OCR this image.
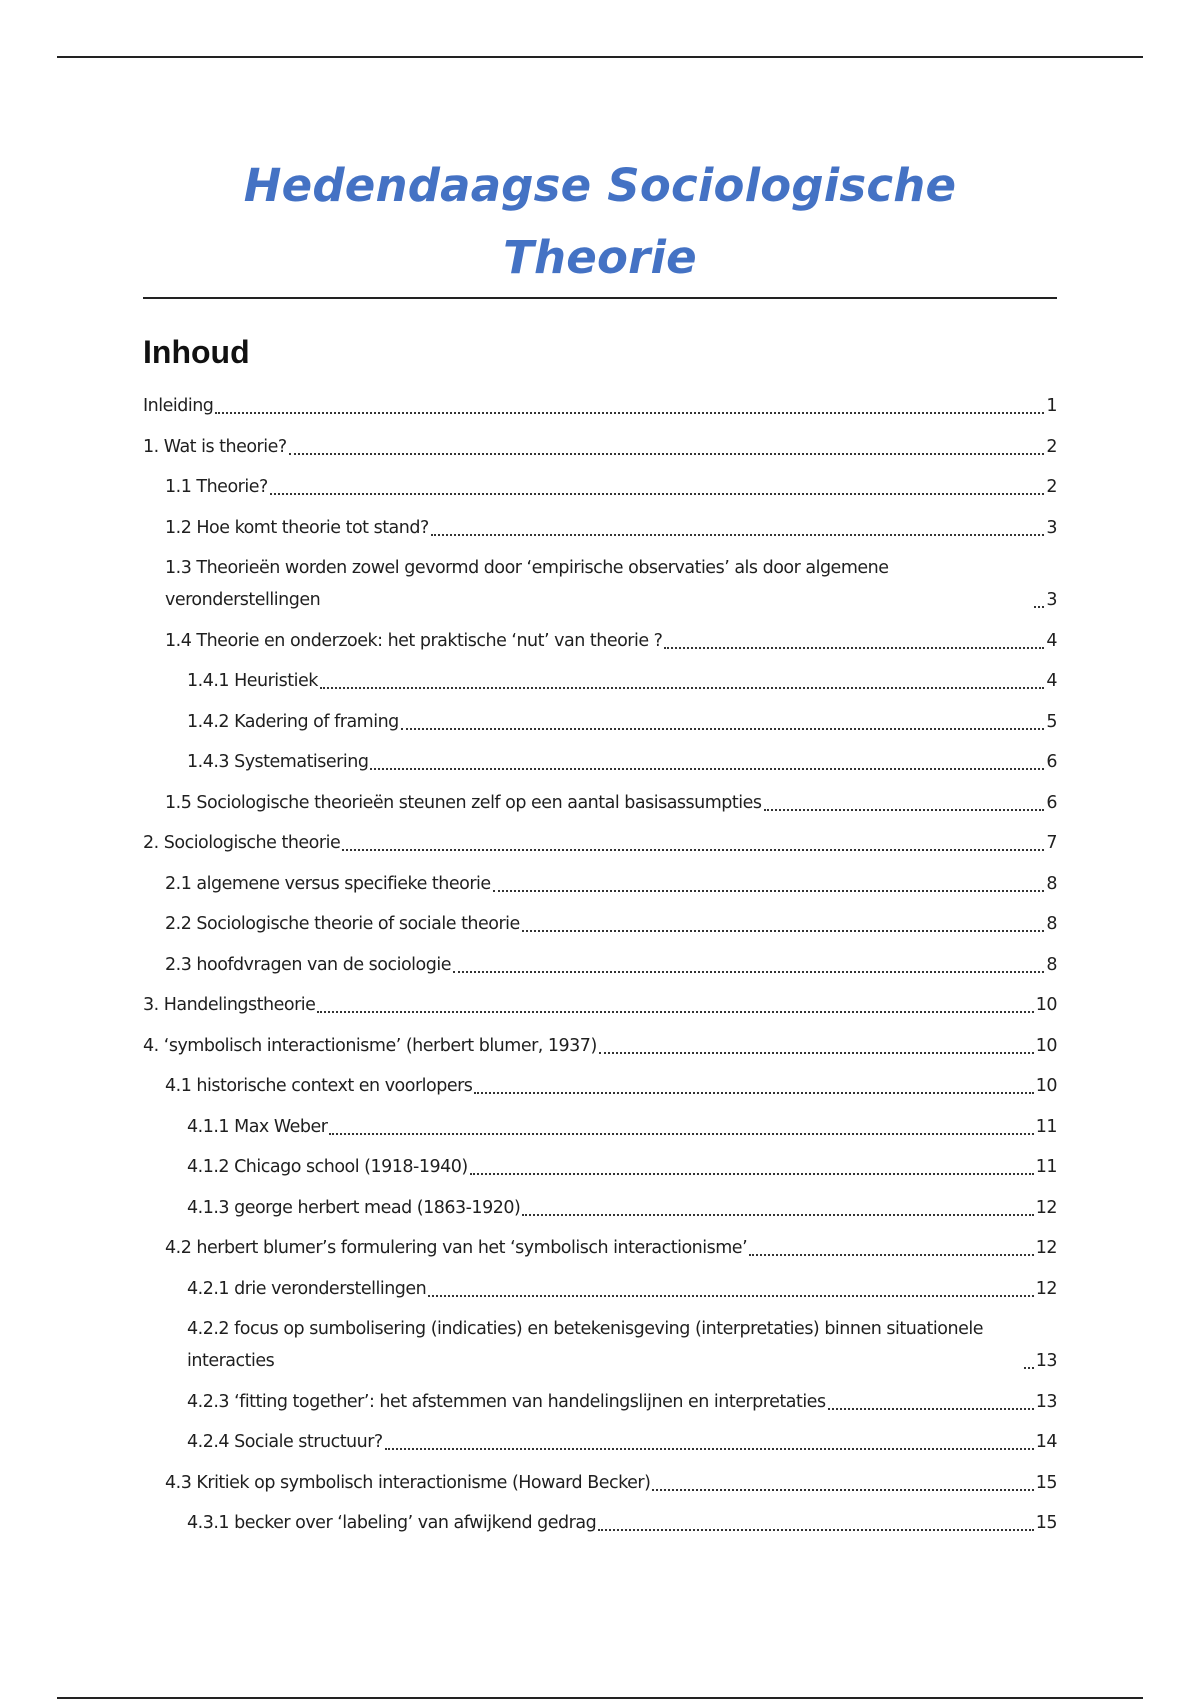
Hedendaagse Sociologische Theorie
Inhoud
Inleiding	1
1. Wat is theorie?	2
1.1 Theorie?	2
1.2 Hoe komt theorie tot stand?	3
1.3 Theorieën worden zowel gevormd door ‘empirische observaties’ als door algemene veronderstellingen	3
1.4 Theorie en onderzoek: het praktische ‘nut’ van theorie ?	4
1.4.1 Heuristiek	4
1.4.2 Kadering of framing	5
1.4.3 Systematisering	6
1.5 Sociologische theorieën steunen zelf op een aantal basisassumpties	6
2. Sociologische theorie	7
2.1 algemene versus specifieke theorie	8
2.2 Sociologische theorie of sociale theorie	8
2.3 hoofdvragen van de sociologie	8
3. Handelingstheorie	10
4. ‘symbolisch interactionisme’ (herbert blumer, 1937)	10
4.1 historische context en voorlopers	10
4.1.1 Max Weber	11
4.1.2 Chicago school (1918-1940)	11
4.1.3 george herbert mead (1863-1920)	12
4.2 herbert blumer’s formulering van het ‘symbolisch interactionisme’	12
4.2.1 drie veronderstellingen	12
4.2.2 focus op sumbolisering (indicaties) en betekenisgeving (interpretaties) binnen situationele interacties	13
4.2.3 ‘fitting together’: het afstemmen van handelingslijnen en interpretaties	13
4.2.4 Sociale structuur?	14
4.3 Kritiek op symbolisch interactionisme (Howard Becker)	15
4.3.1 becker over ‘labeling’ van afwijkend gedrag	15
